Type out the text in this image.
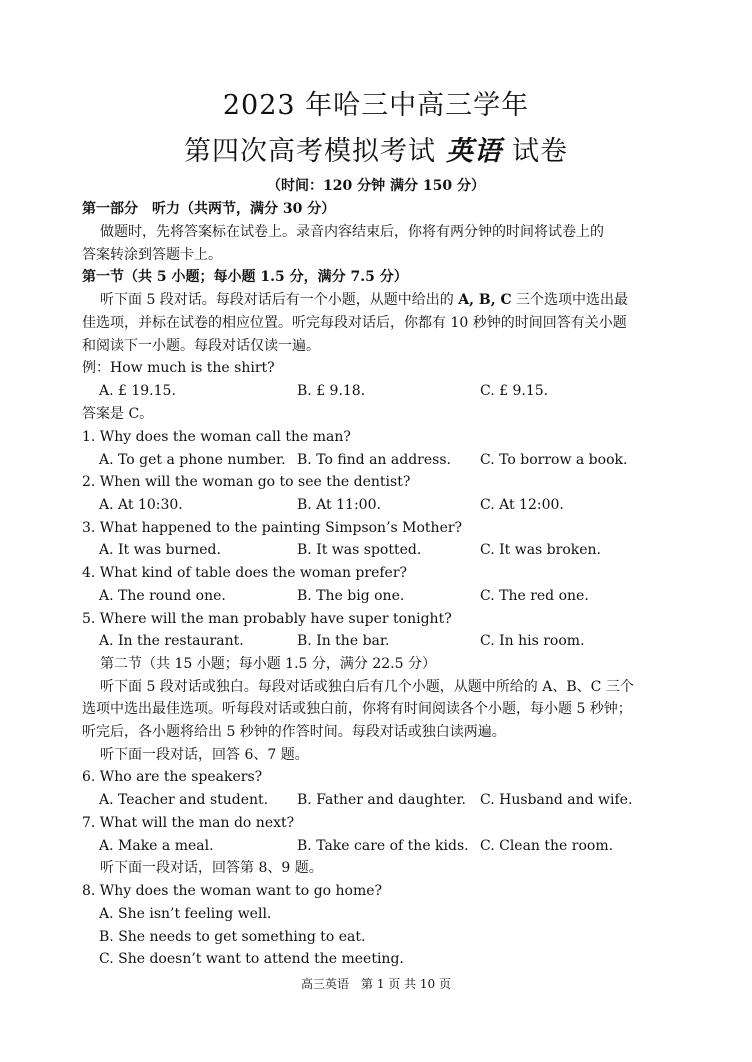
2023 年哈三中高三学年
第四次高考模拟考试 英语 试卷
（时间：120 分钟 满分 150 分）
第一部分　听力（共两节，满分 30 分）
做题时，先将答案标在试卷上。录音内容结束后，你将有两分钟的时间将试卷上的
答案转涂到答题卡上。
第一节（共 5 小题；每小题 1.5 分，满分 7.5 分）
听下面 5 段对话。每段对话后有一个小题，从题中给出的 A, B, C 三个选项中选出最
佳选项，并标在试卷的相应位置。听完每段对话后，你都有 10 秒钟的时间回答有关小题
和阅读下一小题。每段对话仅读一遍。
例：How much is the shirt?
A. £ 19.15.	B. £ 9.18.	C. £ 9.15.
答案是 C。
1. Why does the woman call the man?
A. To get a phone number. B. To find an address. C. To borrow a book.
2. When will the woman go to see the dentist?
A. At 10:30.	B. At 11:00.	C. At 12:00.
3. What happened to the painting Simpson’s Mother?
A. It was burned.	B. It was spotted.	C. It was broken.
4. What kind of table does the woman prefer?
A. The round one.	B. The big one.	C. The red one.
5. Where will the man probably have super tonight?
A. In the restaurant.	B. In the bar.	C. In his room.
第二节（共 15 小题；每小题 1.5 分，满分 22.5 分）
听下面 5 段对话或独白。每段对话或独白后有几个小题，从题中所给的 A、B、C 三个
选项中选出最佳选项。听每段对话或独白前，你将有时间阅读各个小题，每小题 5 秒钟；
听完后，各小题将给出 5 秒钟的作答时间。每段对话或独白读两遍。
听下面一段对话，回答 6、7 题。
6. Who are the speakers?
A. Teacher and student. B. Father and daughter. C. Husband and wife.
7. What will the man do next?
A. Make a meal.	B. Take care of the kids. C. Clean the room.
听下面一段对话，回答第 8、9 题。
8. Why does the woman want to go home?
A. She isn’t feeling well.
B. She needs to get something to eat.
C. She doesn’t want to attend the meeting.
高三英语　第 1 页 共 10 页
